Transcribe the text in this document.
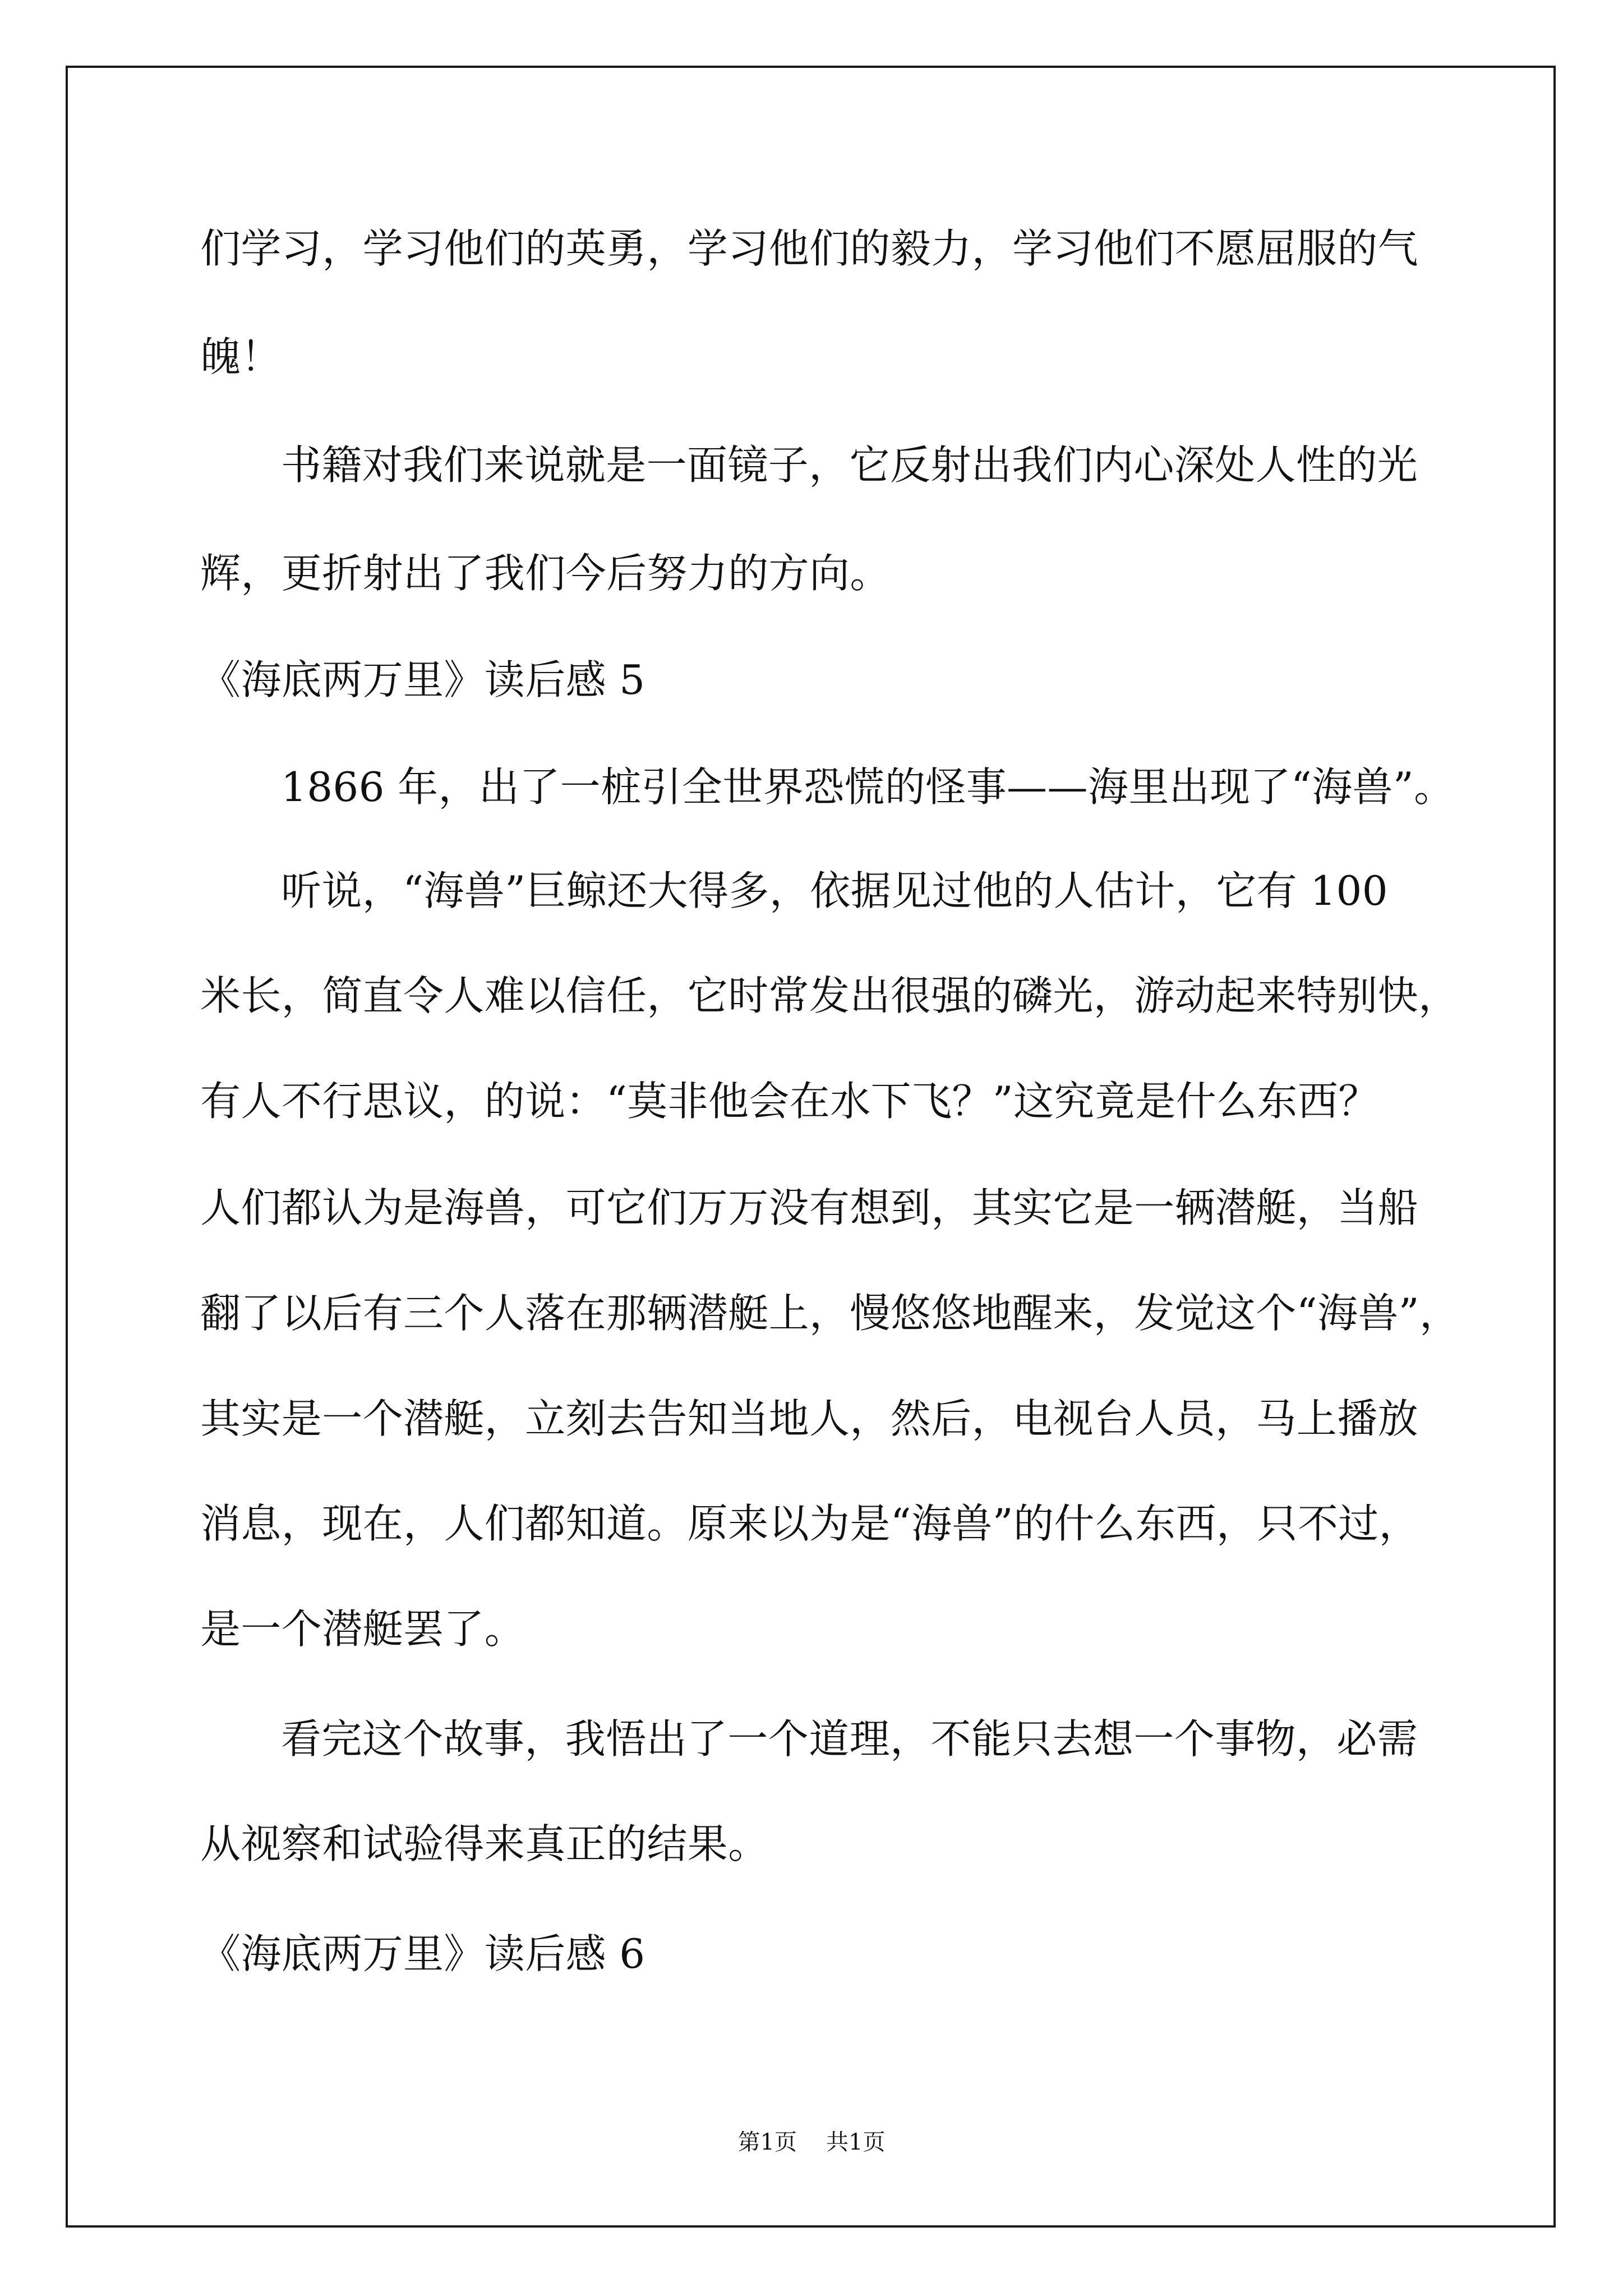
们学习，学习他们的英勇，学习他们的毅力，学习他们不愿屈服的气
魄！
书籍对我们来说就是一面镜子，它反射出我们内心深处人性的光
辉，更折射出了我们今后努力的方向。
《海底两万里》读后感 5
1866 年，出了一桩引全世界恐慌的怪事——海里出现了“海兽”。
听说，“海兽”巨鲸还大得多，依据见过他的人估计，它有 100
米长，简直令人难以信任，它时常发出很强的磷光，游动起来特别快，
有人不行思议，的说：“莫非他会在水下飞？”这究竟是什么东西？
人们都认为是海兽，可它们万万没有想到，其实它是一辆潜艇，当船
翻了以后有三个人落在那辆潜艇上，慢悠悠地醒来，发觉这个“海兽”，
其实是一个潜艇，立刻去告知当地人，然后，电视台人员，马上播放
消息，现在，人们都知道。原来以为是“海兽”的什么东西，只不过，
是一个潜艇罢了。
看完这个故事，我悟出了一个道理，不能只去想一个事物，必需
从视察和试验得来真正的结果。
《海底两万里》读后感 6
第1页 共1页
